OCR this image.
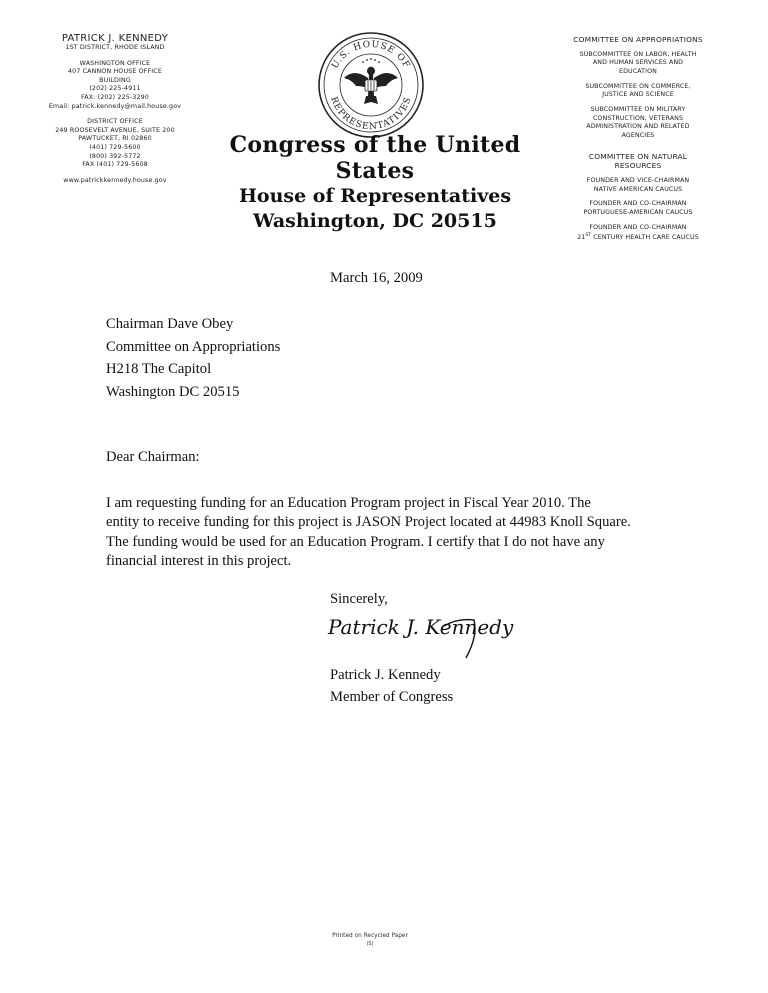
PATRICK J. KENNEDY
1ST DISTRICT, RHODE ISLAND
WASHINGTON OFFICE
407 CANNON HOUSE OFFICE
BUILDING
(202) 225-4911
FAX: (202) 225-3290
Email: patrick.kennedy@mail.house.gov
DISTRICT OFFICE
249 ROOSEVELT AVENUE, SUITE 200
PAWTUCKET, RI 02860
(401) 729-5600
(800) 392-5772
FAX (401) 729-5608
www.patrickkennedy.house.gov
U.S. HOUSE OF
REPRESENTATIVES
Congress of the United States
House of Representatives
Washington, DC 20515
COMMITTEE ON APPROPRIATIONS
SUBCOMMITTEE ON LABOR, HEALTH
AND HUMAN SERVICES AND
EDUCATION
SUBCOMMITTEE ON COMMERCE,
JUSTICE AND SCIENCE
SUBCOMMITTEE ON MILITARY
CONSTRUCTION, VETERANS
ADMINISTRATION AND RELATED
AGENCIES
COMMITTEE ON NATURAL
RESOURCES
FOUNDER AND VICE-CHAIRMAN
NATIVE AMERICAN CAUCUS
FOUNDER AND CO-CHAIRMAN
PORTUGUESE-AMERICAN CAUCUS
FOUNDER AND CO-CHAIRMAN
21ST CENTURY HEALTH CARE CAUCUS
March 16, 2009
Chairman Dave Obey
Committee on Appropriations
H218 The Capitol
Washington DC 20515
Dear Chairman:
I am requesting funding for an Education Program project in Fiscal Year 2010. The
entity to receive funding for this project is JASON Project located at 44983 Knoll Square.
The funding would be used for an Education Program. I certify that I do not have any
financial interest in this project.
Sincerely,
Patrick J. Kennedy
Patrick J. Kennedy
Member of Congress
Printed on Recycled Paper
(S)
